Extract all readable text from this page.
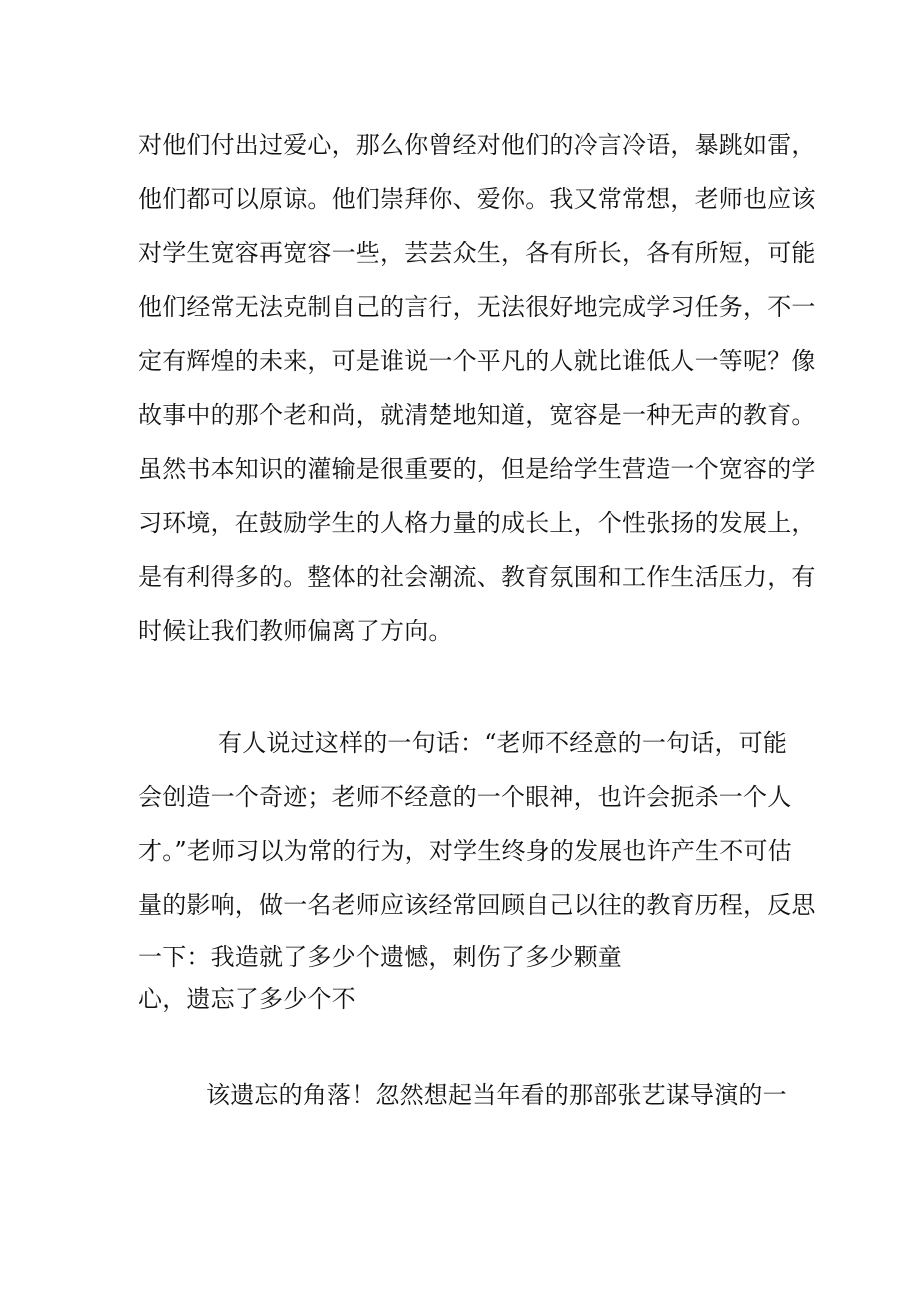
对他们付出过爱心，那么你曾经对他们的冷言冷语，暴跳如雷，
他们都可以原谅。他们崇拜你、爱你。我又常常想，老师也应该
对学生宽容再宽容一些，芸芸众生，各有所长，各有所短，可能
他们经常无法克制自己的言行，无法很好地完成学习任务，不一
定有辉煌的未来，可是谁说一个平凡的人就比谁低人一等呢？像
故事中的那个老和尚，就清楚地知道，宽容是一种无声的教育。
虽然书本知识的灌输是很重要的，但是给学生营造一个宽容的学
习环境，在鼓励学生的人格力量的成长上，个性张扬的发展上，
是有利得多的。整体的社会潮流、教育氛围和工作生活压力，有
时候让我们教师偏离了方向。
有人说过这样的一句话：“老师不经意的一句话，可能
会创造一个奇迹；老师不经意的一个眼神，也许会扼杀一个人
才。”老师习以为常的行为，对学生终身的发展也许产生不可估
量的影响，做一名老师应该经常回顾自己以往的教育历程，反思
一下：我造就了多少个遗憾，刺伤了多少颗童
心，遗忘了多少个不
该遗忘的角落！忽然想起当年看的那部张艺谋导演的一
